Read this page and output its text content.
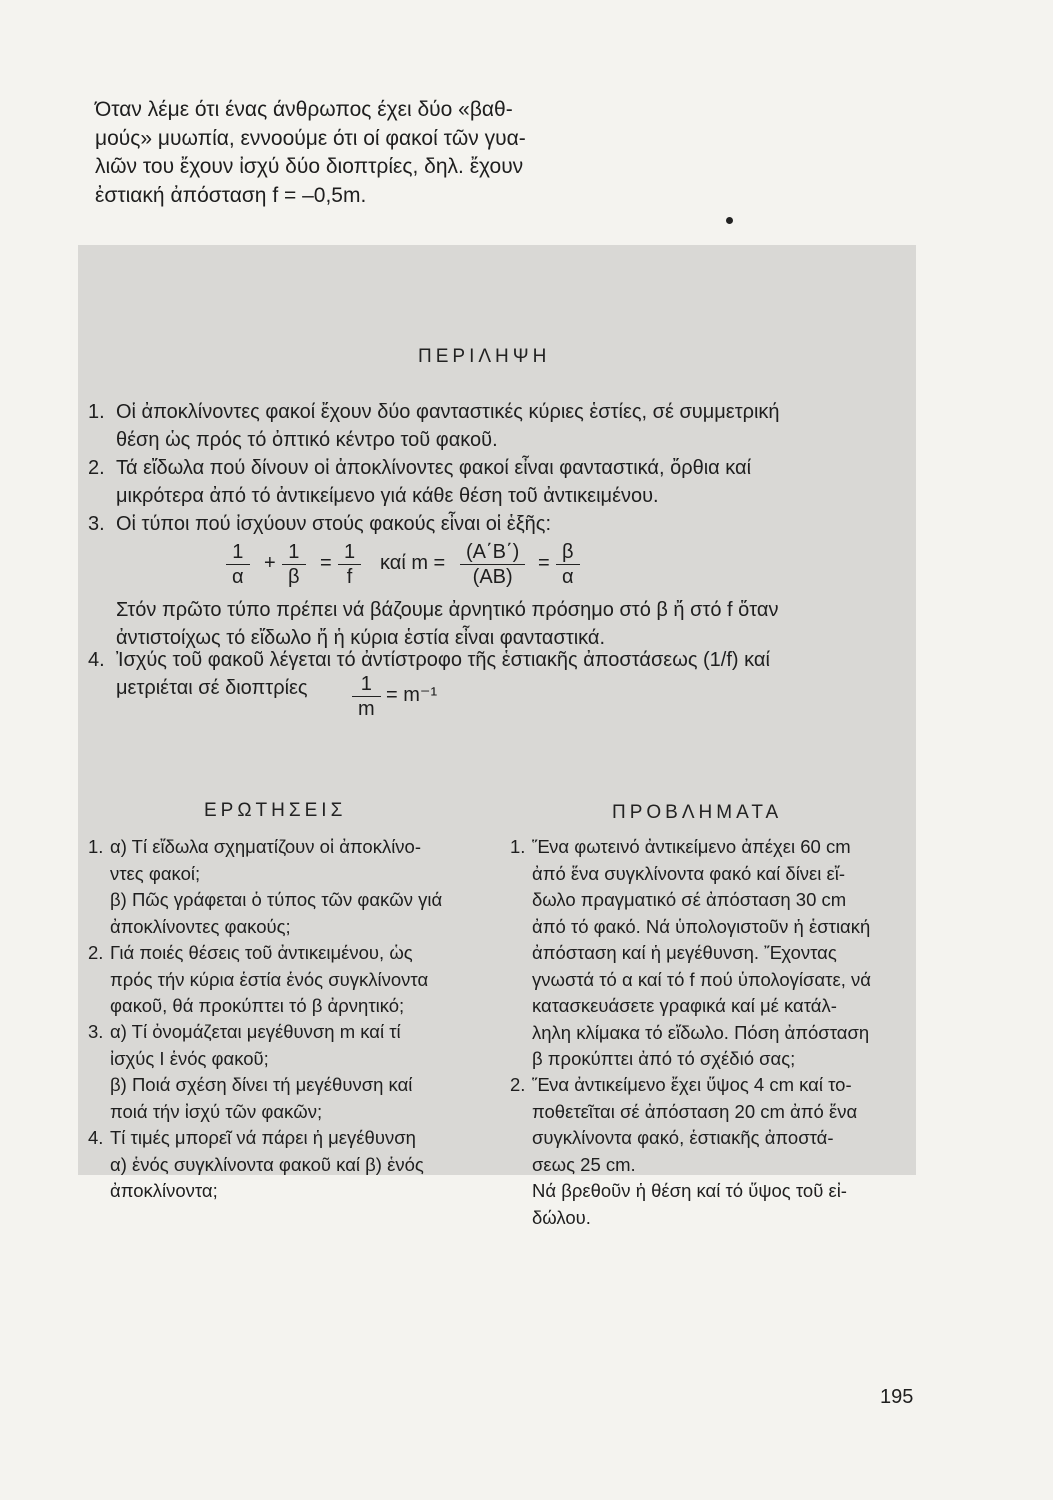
Όταν λέμε ότι ένας άνθρωπος έχει δύο «βαθ-

μούς» μυωπία, εννοούμε ότι οί φακοί τῶν γυα-

λιῶν του ἔχουν ἰσχύ δύο διοπτρίες, δηλ. ἔχουν

ἐστιακή ἀπόσταση f = –0,5m.

ΠΕΡΙΛΗΨΗ
1. Οἱ ἀποκλίνοντες φακοί ἔχουν δύο φανταστικές κύριες ἑστίες, σέ συμμετρική
θέση ὡς πρός τό ὀπτικό κέντρο τοῦ φακοῦ.
2. Τά εἴδωλα πού δίνουν οἱ ἀποκλίνοντες φακοί εἶναι φανταστικά, ὄρθια καί
μικρότερα ἀπό τό ἀντικείμενο γιά κάθε θέση τοῦ ἀντικειμένου.
3. Οἱ τύποι πού ἰσχύουν στούς φακούς εἶναι οἱ ἑξῆς:
$\frac{1}{\alpha} + \frac{1}{\beta} = \frac{1}{f}$ καί $m = \frac{(A΄B΄)}{(AB)} = \frac{\beta}{\alpha}$
Στόν πρῶτο τύπο πρέπει νά βάζουμε ἀρνητικό πρόσημο στό β ἤ στό f ὅταν
ἀντιστοίχως τό εἴδωλο ἤ ἡ κύρια ἑστία εἶναι φανταστικά.
4. Ἰσχύς τοῦ φακοῦ λέγεται τό ἀντίστροφο τῆς ἑστιακῆς ἀποστάσεως (1/f) καί
μετριέται σέ διοπτρίες	$\frac{1}{m} = m^{-1}$
ΕΡΩΤΗΣΕΙΣ
1. α) Τί εἴδωλα σχηματίζουν οἱ ἀποκλίνο-
ντες φακοί;
β) Πῶς γράφεται ὁ τύπος τῶν φακῶν γιά
ἀποκλίνοντες φακούς;
2. Γιά ποιές θέσεις τοῦ ἀντικειμένου, ὡς
πρός τήν κύρια ἑστία ἑνός συγκλίνοντα
φακοῦ, θά προκύπτει τό β ἀρνητικό;
3. α) Τί ὀνομάζεται μεγέθυνση m καί τί
ἰσχύς Ι ἑνός φακοῦ;
β) Ποιά σχέση δίνει τή μεγέθυνση καί
ποιά τήν ἰσχύ τῶν φακῶν;
4. Τί τιμές μπορεῖ νά πάρει ἡ μεγέθυνση
α) ἑνός συγκλίνοντα φακοῦ καί β) ἑνός
ἀποκλίνοντα;
ΠΡΟΒΛΗΜΑΤΑ
1. Ἕνα φωτεινό ἀντικείμενο ἀπέχει 60 cm
ἀπό ἕνα συγκλίνοντα φακό καί δίνει εἴ-
δωλο πραγματικό σέ ἀπόσταση 30 cm
ἀπό τό φακό. Νά ὑπολογιστοῦν ἡ ἑστιακή
ἀπόσταση καί ἡ μεγέθυνση. Ἔχοντας
γνωστά τό α καί τό f πού ὑπολογίσατε, νά
κατασκευάσετε γραφικά καί μέ κατάλ-
ληλη κλίμακα τό εἴδωλο. Πόση ἀπόσταση
β προκύπτει ἀπό τό σχέδιό σας;
2. Ἕνα ἀντικείμενο ἔχει ὕψος 4 cm καί το-
ποθετεῖται σέ ἀπόσταση 20 cm ἀπό ἕνα
συγκλίνοντα φακό, ἑστιακῆς ἀποστά-
σεως 25 cm.
Νά βρεθοῦν ἡ θέση καί τό ὕψος τοῦ εἰ-
δώλου.
195
